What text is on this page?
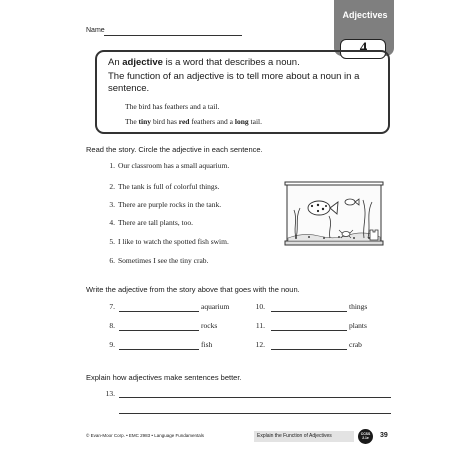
Name
Adjectives
4
An adjective is a word that describes a noun.
The function of an adjective is to tell more about a noun in a sentence.
The bird has feathers and a tail.
The tiny bird has red feathers and a long tail.
Read the story. Circle the adjective in each sentence.
1. Our classroom has a small aquarium.
2. The tank is full of colorful things.
3. There are purple rocks in the tank.
4. There are tall plants, too.
5. I like to watch the spotted fish swim.
6. Sometimes I see the tiny crab.
Write the adjective from the story above that goes with the noun.
7.	aquarium	10.	things
8.	rocks	11.	plants
9.	fish	12.	crab
Explain how adjectives make sentences better.
13.
© Evan-Moor Corp. • EMC 2983 • Language Fundamentals	Explain the Function of Adjectives	CCSS
2.1e	39
